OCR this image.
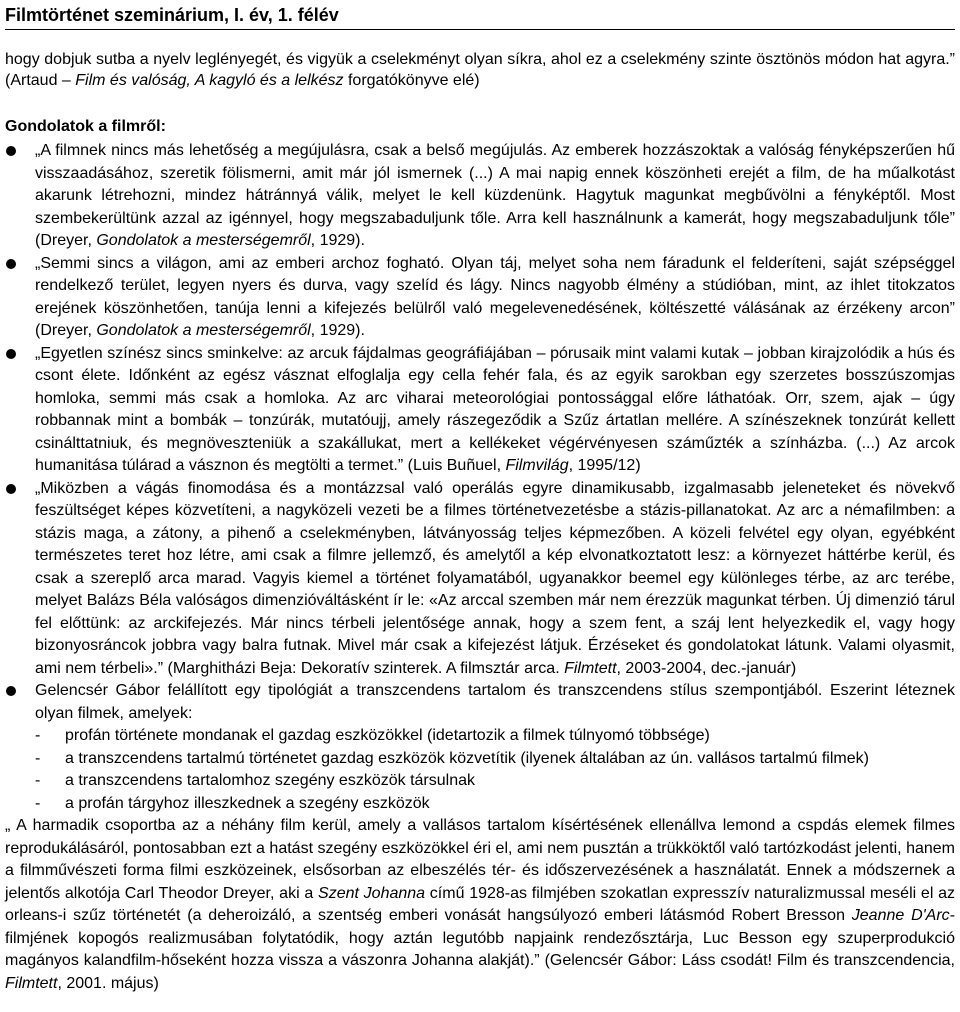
Filmtörténet szeminárium, I. év, 1. félév

hogy dobjuk sutba a nyelv leglényegét, és vigyük a cselekményt olyan síkra, ahol ez a cselekmény szinte ösztönös módon hat agyra.” (Artaud – Film és valóság, A kagyló és a lelkész forgatókönyve elé)

Gondolatok a filmről:
„A filmnek nincs más lehetőség a megújulásra, csak a belső megújulás. Az emberek hozzászoktak a valóság fényképszerűen hű visszaadásához, szeretik fölismerni, amit már jól ismernek (...) A mai napig ennek köszönheti erejét a film, de ha műalkotást akarunk létrehozni, mindez hátránnyá válik, melyet le kell küzdenünk. Hagytuk magunkat megbűvölni a fényképtől. Most szembekerültünk azzal az igénnyel, hogy megszabaduljunk tőle. Arra kell használnunk a kamerát, hogy megszabaduljunk tőle” (Dreyer, Gondolatok a mesterségemről, 1929).
„Semmi sincs a világon, ami az emberi archoz fogható. Olyan táj, melyet soha nem fáradunk el felderíteni, saját szépséggel rendelkező terület, legyen nyers és durva, vagy szelíd és lágy. Nincs nagyobb élmény a stúdióban, mint, az ihlet titokzatos erejének köszönhetően, tanúja lenni a kifejezés belülről való megelevenedésének, költészetté válásának az érzékeny arcon” (Dreyer, Gondolatok a mesterségemről, 1929).
„Egyetlen színész sincs sminkelve: az arcuk fájdalmas geográfiájában – pórusaik mint valami kutak – jobban kirajzolódik a hús és csont élete. Időnként az egész vásznat elfoglalja egy cella fehér fala, és az egyik sarokban egy szerzetes bosszúszomjas homloka, semmi más csak a homloka. Az arc viharai meteorológiai pontossággal előre láthatóak. Orr, szem, ajak – úgy robbannak mint a bombák – tonzúrák, mutatóujj, amely rászegeződik a Szűz ártatlan mellére. A színészeknek tonzúrát kellett csinálttatniuk, és megnöveszteniük a szakállukat, mert a kellékeket végérvényesen száműzték a színházba. (...) Az arcok humanitása túlárad a vásznon és megtölti a termet.” (Luis Buñuel, Filmvilág, 1995/12)
„Miközben a vágás finomodása és a montázzsal való operálás egyre dinamikusabb, izgalmasabb jeleneteket és növekvő feszültséget képes közvetíteni, a nagyközeli vezeti be a filmes történetvezetésbe a stázis-pillanatokat. Az arc a némafilmben: a stázis maga, a zátony, a pihenő a cselekményben, látványosság teljes képmezőben. A közeli felvétel egy olyan, egyébként természetes teret hoz létre, ami csak a filmre jellemző, és amelytől a kép elvonatkoztatott lesz: a környezet háttérbe kerül, és csak a szereplő arca marad. Vagyis kiemel a történet folyamatából, ugyanakkor beemel egy különleges térbe, az arc terébe, melyet Balázs Béla valóságos dimenzióváltásként ír le: «Az arccal szemben már nem érezzük magunkat térben. Új dimenzió tárul fel előttünk: az arckifejezés. Már nincs térbeli jelentősége annak, hogy a szem fent, a száj lent helyezkedik el, vagy hogy bizonyosráncok jobbra vagy balra futnak. Mivel már csak a kifejezést látjuk. Érzéseket és gondolatokat látunk. Valami olyasmit, ami nem térbeli».” (Marghitházi Beja: Dekoratív szinterek. A filmsztár arca. Filmtett, 2003-2004, dec.-január)
Gelencsér Gábor felállított egy tipológiát a transzcendens tartalom és transzcendens stílus szempontjából. Eszerint léteznek olyan filmek, amelyek:
- profán története mondanak el gazdag eszközökkel (idetartozik a filmek túlnyomó többsége)
- a transzcendens tartalmú történetet gazdag eszközök közvetítik (ilyenek általában az ún. vallásos tartalmú filmek)
- a transzcendens tartalomhoz szegény eszközök társulnak
- a profán tárgyhoz illeszkednek a szegény eszközök

„ A harmadik csoportba az a néhány film kerül, amely a vallásos tartalom kísértésének ellenállva lemond a cspdás elemek filmes reprodukálásáról, pontosabban ezt a hatást szegény eszközökkel éri el, ami nem pusztán a trükköktől való tartózkodást jelenti, hanem a filmművészeti forma filmi eszközeinek, elsősorban az elbeszélés tér- és időszervezésének a használatát. Ennek a módszernek a jelentős alkotója Carl Theodor Dreyer, aki a Szent Johanna című 1928-as filmjében szokatlan expresszív naturalizmussal meséli el az orleans-i szűz történetét (a deheroizáló, a szentség emberi vonását hangsúlyozó emberi látásmód Robert Bresson Jeanne D'Arc-filmjének kopogós realizmusában folytatódik, hogy aztán legutóbb napjaink rendezősztárja, Luc Besson egy szuperprodukció magányos kalandfilm-hőseként hozza vissza a vászonra Johanna alakját).” (Gelencsér Gábor: Láss csodát! Film és transzcendencia, Filmtett, 2001. május)
